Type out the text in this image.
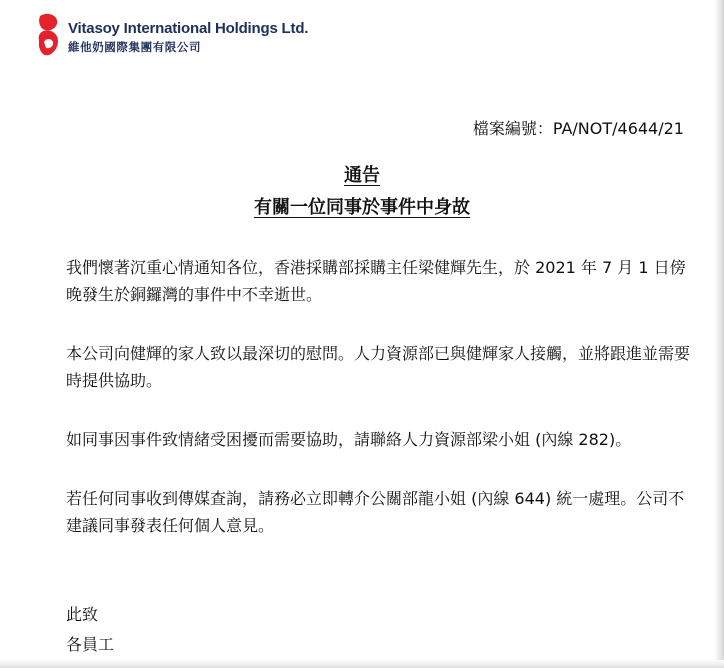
Vitasoy International Holdings Ltd.
維他奶國際集團有限公司
檔案編號：PA/NOT/4644/21
通告
有關一位同事於事件中身故

我們懷著沉重心情通知各位，香港採購部採購主任梁健輝先生，於 2021 年 7 月 1 日傍晚發生於銅鑼灣的事件中不幸逝世。

本公司向健輝的家人致以最深切的慰問。人力資源部已與健輝家人接觸，並將跟進並需要時提供協助。

如同事因事件致情緒受困擾而需要協助，請聯絡人力資源部梁小姐 (內線 282)。

若任何同事收到傳媒查詢，請務必立即轉介公關部龍小姐 (內線 644) 統一處理。公司不建議同事發表任何個人意見。

此致
各員工
